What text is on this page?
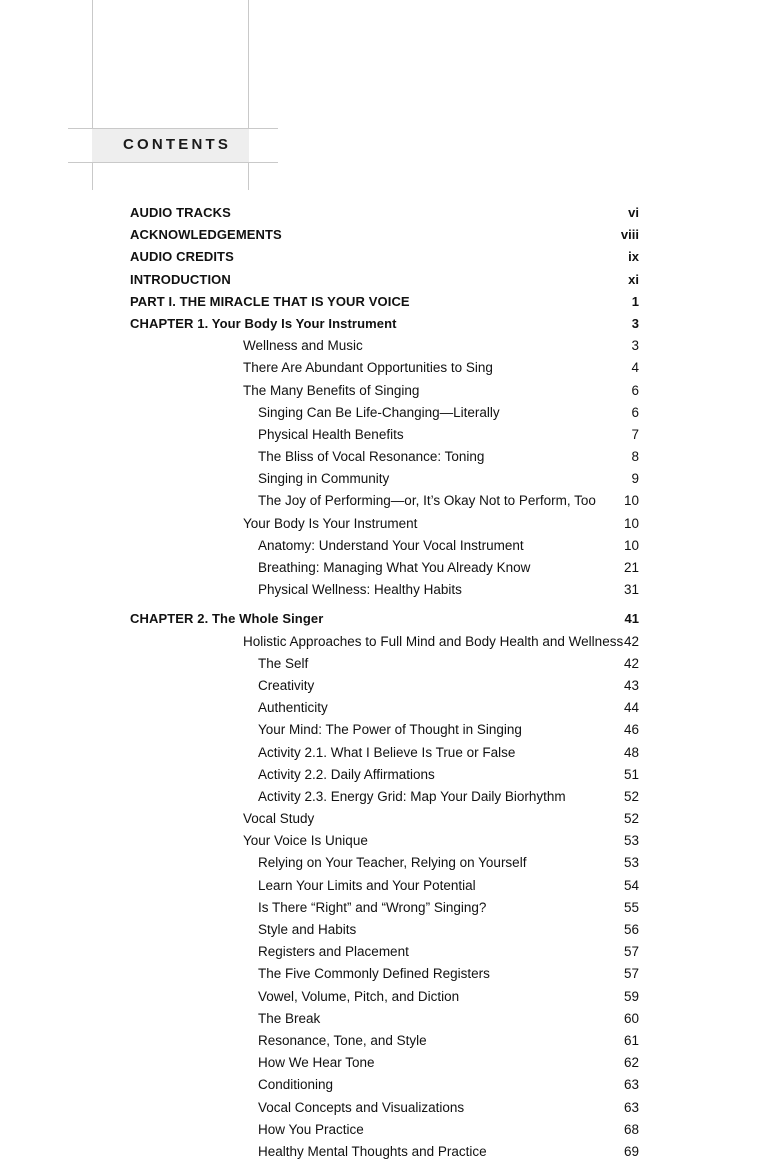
CONTENTS
AUDIO TRACKS	vi
ACKNOWLEDGEMENTS	viii
AUDIO CREDITS	ix
INTRODUCTION	xi
PART I. THE MIRACLE THAT IS YOUR VOICE	1
CHAPTER 1. Your Body Is Your Instrument	3
Wellness and Music	3
There Are Abundant Opportunities to Sing	4
The Many Benefits of Singing	6
Singing Can Be Life-Changing—Literally	6
Physical Health Benefits	7
The Bliss of Vocal Resonance: Toning	8
Singing in Community	9
The Joy of Performing—or, It’s Okay Not to Perform, Too	10
Your Body Is Your Instrument	10
Anatomy: Understand Your Vocal Instrument	10
Breathing: Managing What You Already Know	21
Physical Wellness: Healthy Habits	31
CHAPTER 2. The Whole Singer	41
Holistic Approaches to Full Mind and Body Health and Wellness 42
The Self	42
Creativity	43
Authenticity	44
Your Mind: The Power of Thought in Singing	46
Activity 2.1. What I Believe Is True or False	48
Activity 2.2. Daily Affirmations	51
Activity 2.3. Energy Grid: Map Your Daily Biorhythm	52
Vocal Study	52
Your Voice Is Unique	53
Relying on Your Teacher, Relying on Yourself	53
Learn Your Limits and Your Potential	54
Is There “Right” and “Wrong” Singing?	55
Style and Habits	56
Registers and Placement	57
The Five Commonly Defined Registers	57
Vowel, Volume, Pitch, and Diction	59
The Break	60
Resonance, Tone, and Style	61
How We Hear Tone	62
Conditioning	63
Vocal Concepts and Visualizations	63
How You Practice	68
Healthy Mental Thoughts and Practice	69
